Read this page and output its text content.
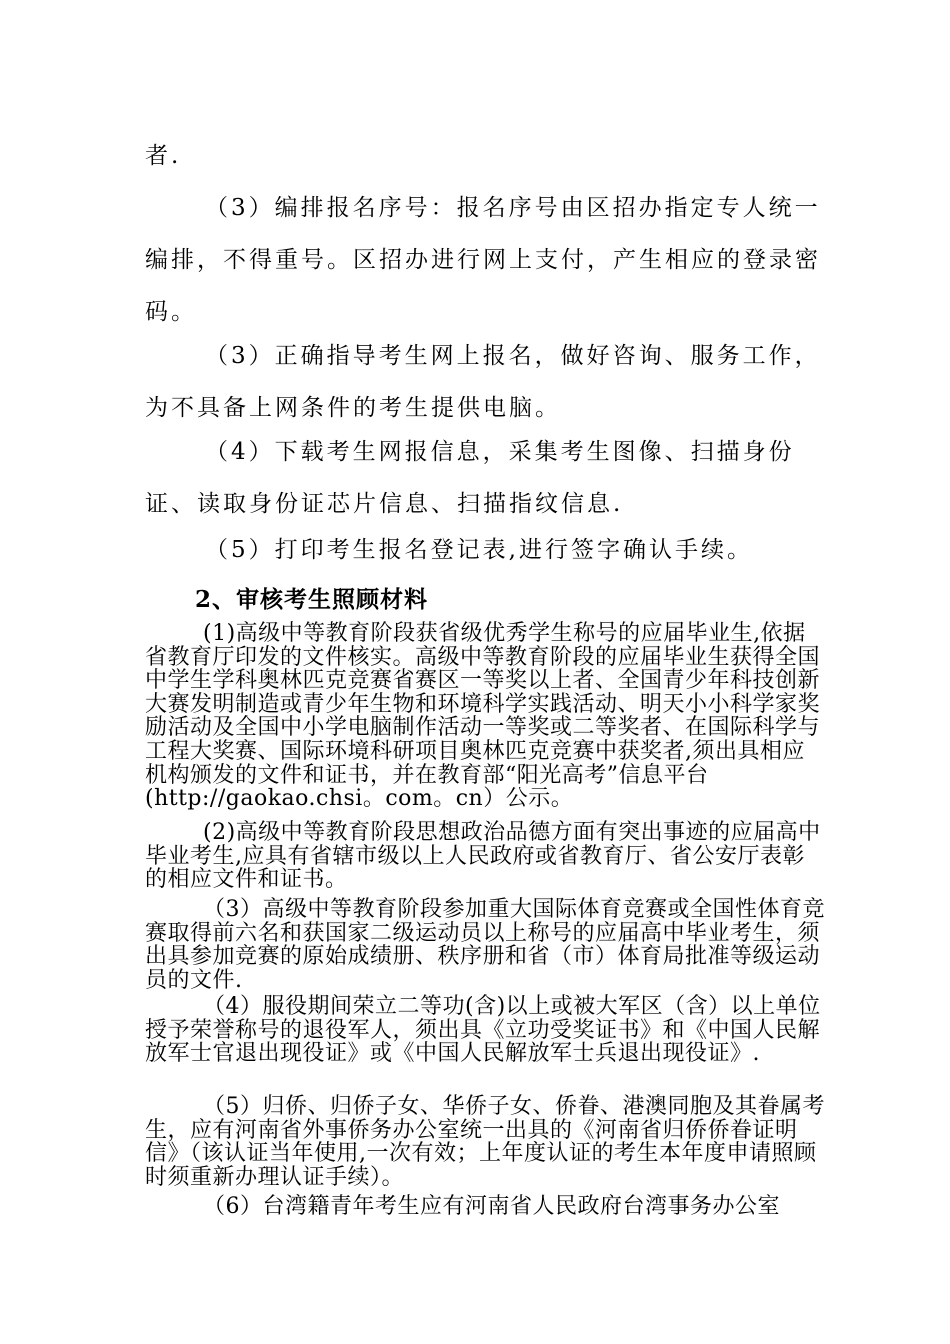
者.

（3）编排报名序号：报名序号由区招办指定专人统一编排，不得重号。区招办进行网上支付，产生相应的登录密码。

（3）正确指导考生网上报名，做好咨询、服务工作，为不具备上网条件的考生提供电脑。

（4）下载考生网报信息，采集考生图像、扫描身份证、读取身份证芯片信息、扫描指纹信息.

（5）打印考生报名登记表,进行签字确认手续。

2、审核考生照顾材料

(1)高级中等教育阶段获省级优秀学生称号的应届毕业生,依据省教育厅印发的文件核实。高级中等教育阶段的应届毕业生获得全国中学生学科奥林匹克竞赛省赛区一等奖以上者、全国青少年科技创新大赛发明制造或青少年生物和环境科学实践活动、明天小小科学家奖励活动及全国中小学电脑制作活动一等奖或二等奖者、在国际科学与工程大奖赛、国际环境科研项目奥林匹克竞赛中获奖者,须出具相应机构颁发的文件和证书，并在教育部“阳光高考”信息平台(http://gaokao.chsi。com。cn）公示。

(2)高级中等教育阶段思想政治品德方面有突出事迹的应届高中毕业考生,应具有省辖市级以上人民政府或省教育厅、省公安厅表彰的相应文件和证书。

（3）高级中等教育阶段参加重大国际体育竞赛或全国性体育竞赛取得前六名和获国家二级运动员以上称号的应届高中毕业考生，须出具参加竞赛的原始成绩册、秩序册和省（市）体育局批准等级运动员的文件.

（4）服役期间荣立二等功(含)以上或被大军区（含）以上单位授予荣誉称号的退役军人，须出具《立功受奖证书》和《中国人民解放军士官退出现役证》或《中国人民解放军士兵退出现役证》.

（5）归侨、归侨子女、华侨子女、侨眷、港澳同胞及其眷属考生，应有河南省外事侨务办公室统一出具的《河南省归侨侨眷证明信》（该认证当年使用,一次有效；上年度认证的考生本年度申请照顾时须重新办理认证手续）。

（6）台湾籍青年考生应有河南省人民政府台湾事务办公室
